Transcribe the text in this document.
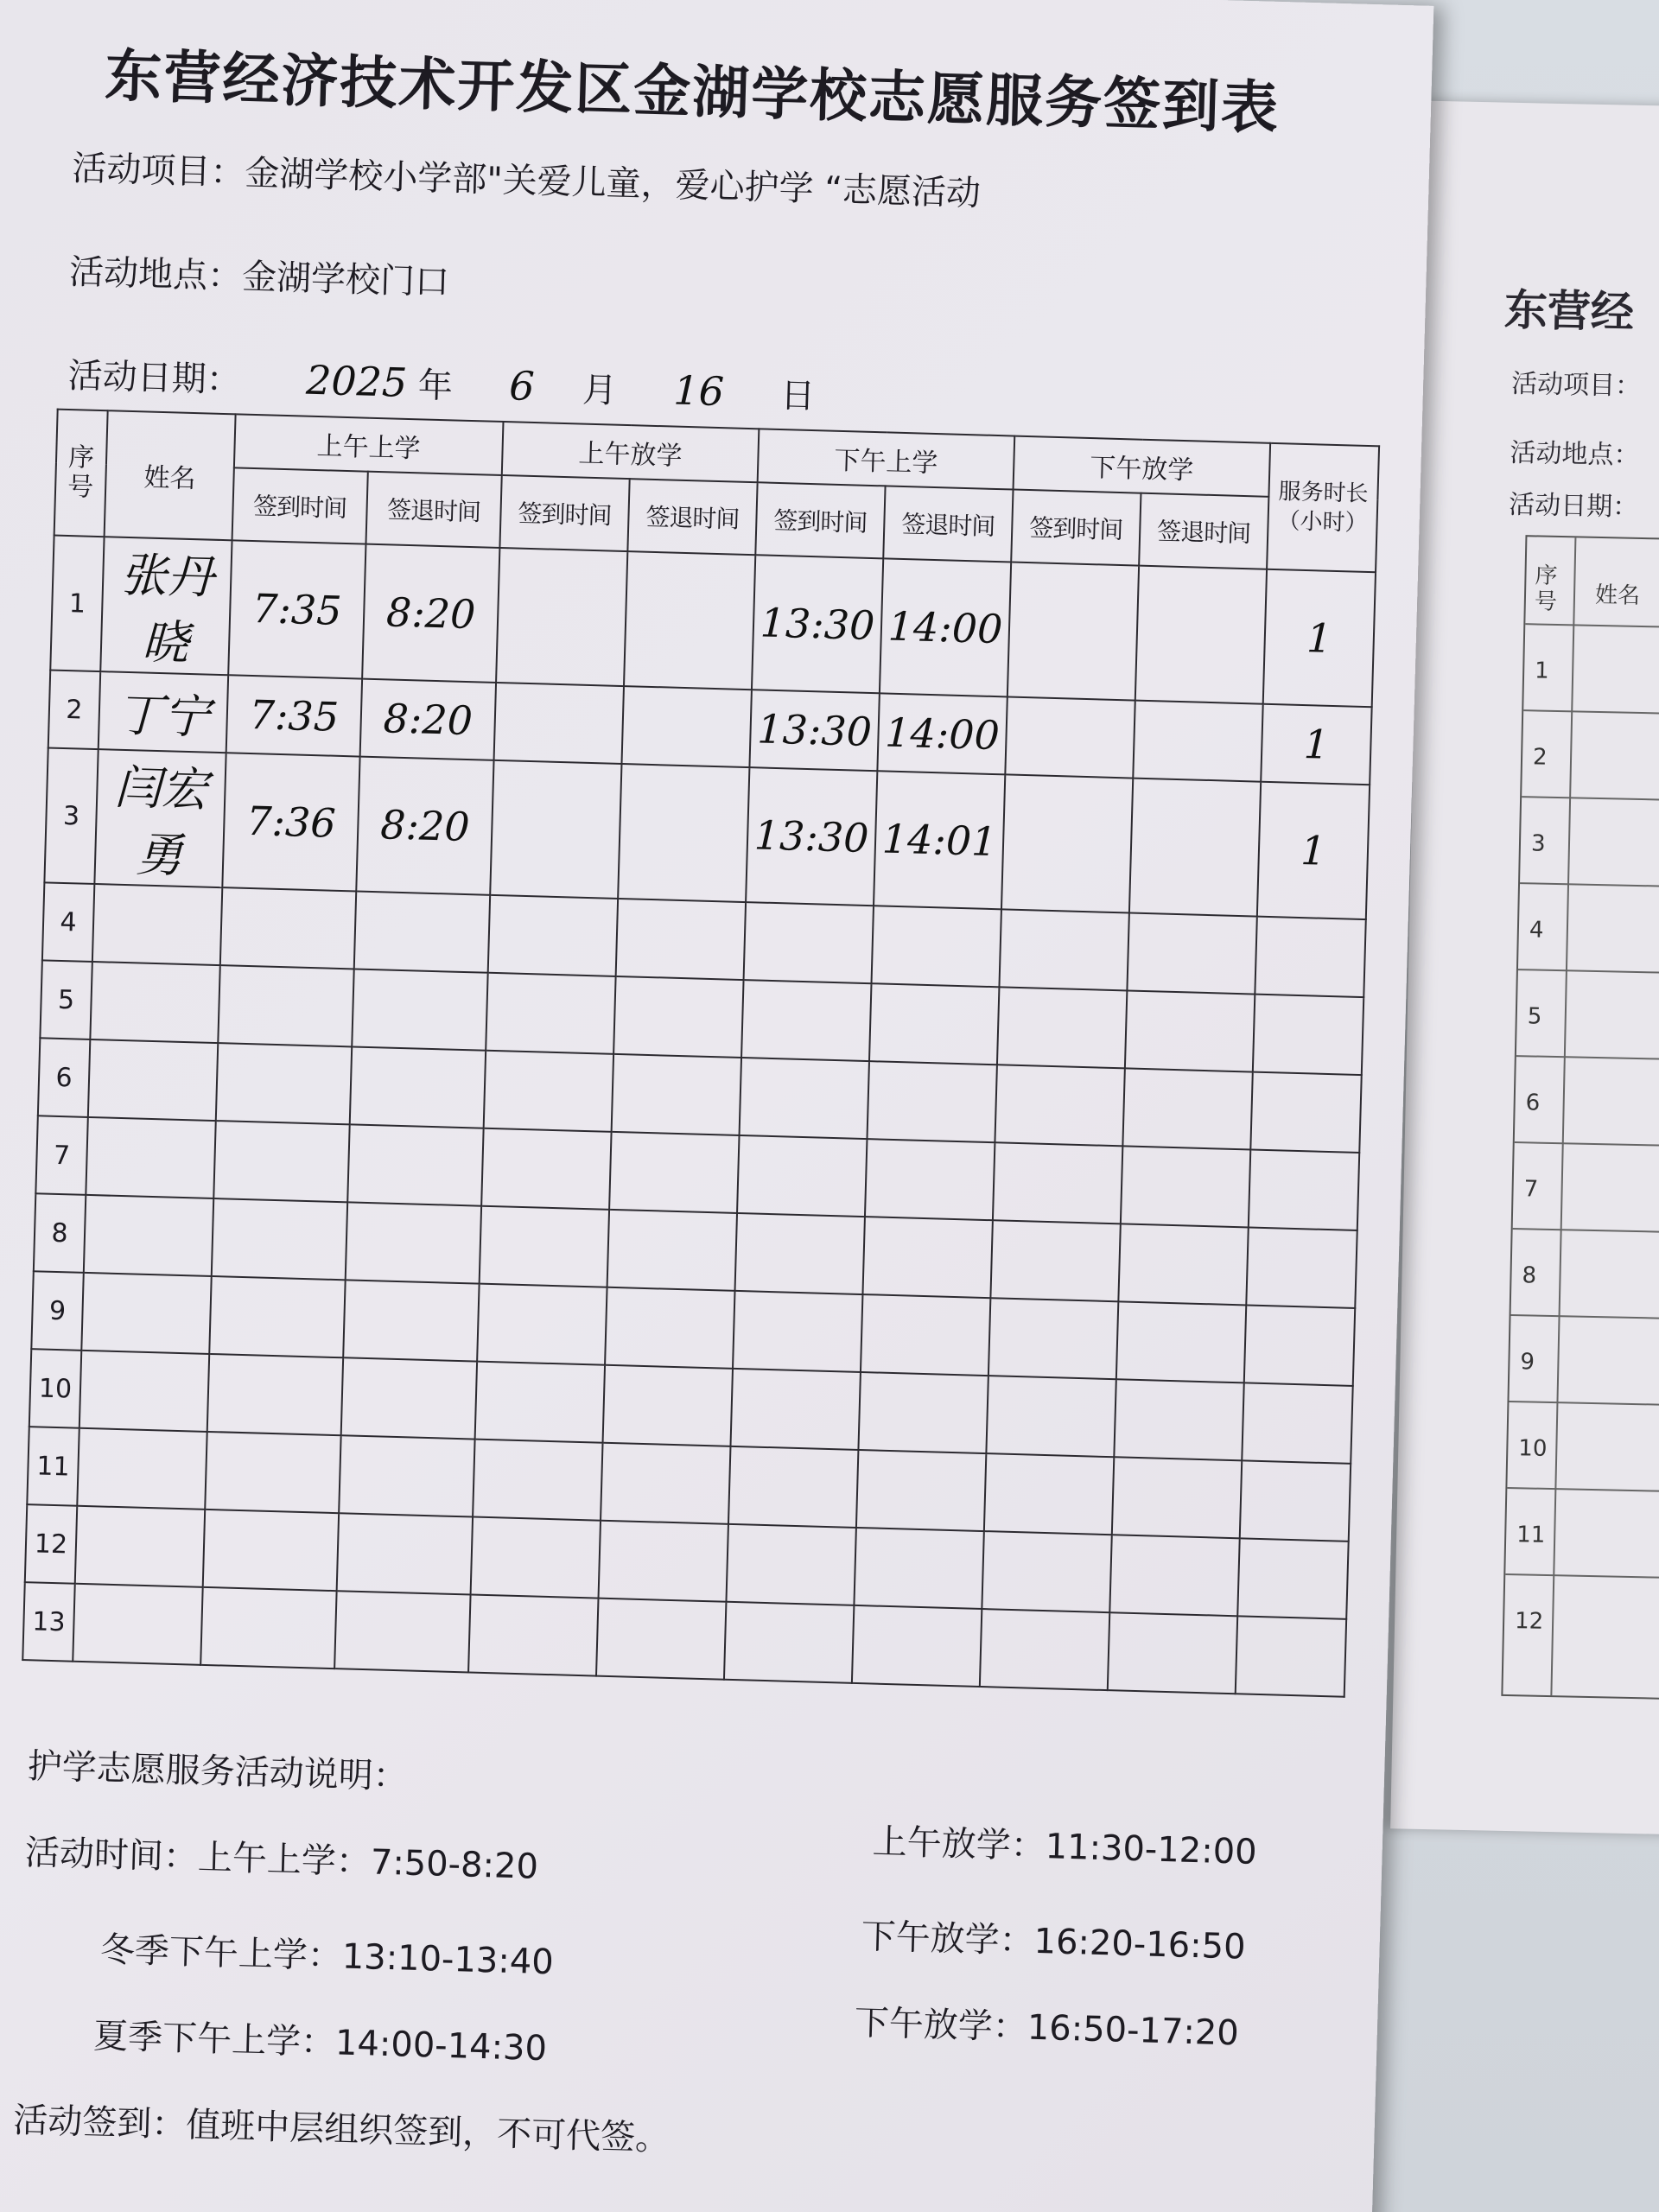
东营经
活动项目：
活动地点：
活动日期：
序号 姓名
1
2
3
4
5
6
7
8
9
10
11
12
东营经济技术开发区金湖学校志愿服务签到表
活动项目：金湖学校小学部"关爱儿童，爱心护学 “志愿活动
活动地点：金湖学校门口
活动日期： 2025 年 6 月 16 日
序号	姓名	上午上学		上午放学		下午上学		下午放学		服务时长（小时）
		签到时间	签退时间	签到时间	签退时间	签到时间	签退时间	签到时间	签退时间	
1	张丹晓	7:35	8:20			13:30	14:00			1
2	丁宁	7:35	8:20			13:30	14:00			1
3	闫宏勇	7:36	8:20			13:30	14:01			1
4										
5										
6										
7										
8										
9										
10										
11										
12										
13										
护学志愿服务活动说明：
活动时间：
上午上学：7:50-8:20	上午放学：11:30-12:00
冬季下午上学：13:10-13:40	下午放学：16:20-16:50
夏季下午上学：14:00-14:30	下午放学：16:50-17:20
活动签到：值班中层组织签到，不可代签。
